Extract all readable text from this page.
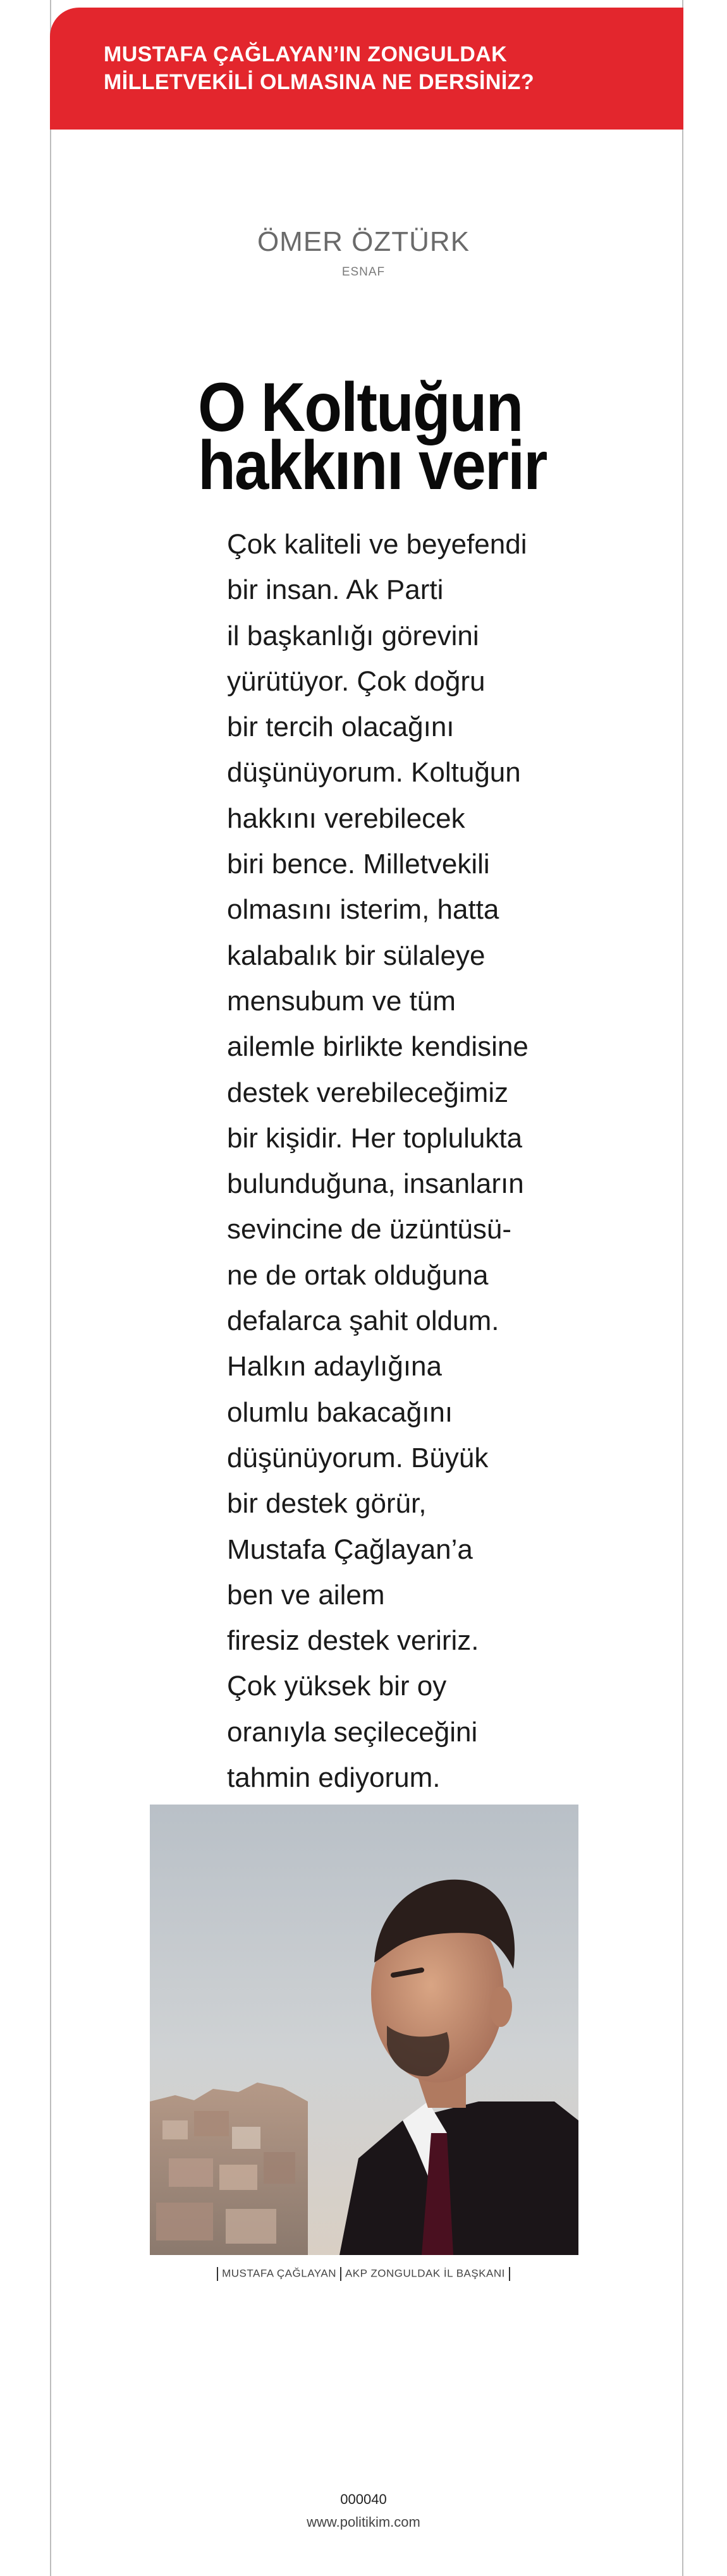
MUSTAFA ÇAĞLAYAN’IN ZONGULDAK
MİLLETVEKİLİ OLMASINA NE DERSİNİZ?
ÖMER ÖZTÜRK
ESNAF
O Koltuğun
hakkını verir
Çok kaliteli ve beyefendi
bir insan. Ak Parti
il başkanlığı görevini
yürütüyor. Çok doğru
bir tercih olacağını
düşünüyorum. Koltuğun
hakkını verebilecek
biri bence. Milletvekili
olmasını isterim, hatta
kalabalık bir sülaleye
mensubum ve tüm
ailemle birlikte kendisine
destek verebileceğimiz
bir kişidir. Her toplulukta
bulunduğuna, insanların
sevincine de üzüntüsü-
ne de ortak olduğuna
defalarca şahit oldum.
Halkın adaylığına
olumlu bakacağını
düşünüyorum. Büyük
bir destek görür,
Mustafa Çağlayan’a
ben ve ailem
firesiz destek veririz.
Çok yüksek bir oy
oranıyla seçileceğini
tahmin ediyorum.
MUSTAFA ÇAĞLAYAN AKP ZONGULDAK İL BAŞKANI
000040
www.politikim.com
